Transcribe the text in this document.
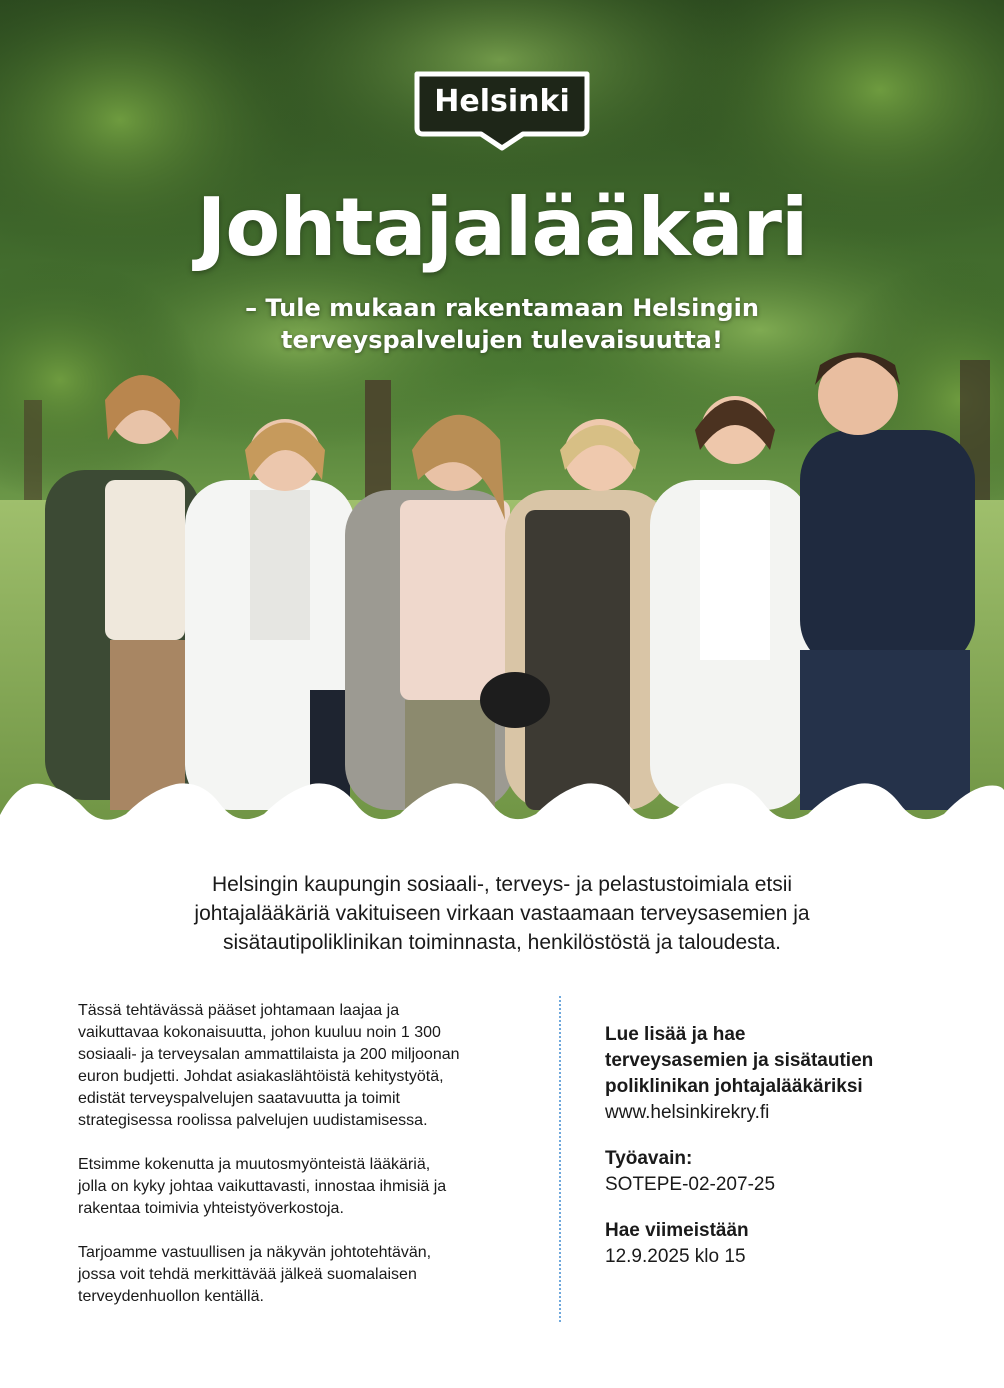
Helsinki
Johtajalääkäri

– Tule mukaan rakentamaan Helsingin
terveyspalvelujen tulevaisuutta!

Helsingin kaupungin sosiaali-, terveys- ja pelastustoimiala etsii
johtajalääkäriä vakituiseen virkaan vastaamaan terveysasemien ja
sisätautipoliklinikan toiminnasta, henkilöstöstä ja taloudesta.

Tässä tehtävässä pääset johtamaan laajaa ja
vaikuttavaa kokonaisuutta, johon kuuluu noin 1 300
sosiaali- ja terveysalan ammattilaista ja 200 miljoonan
euron budjetti. Johdat asiakaslähtöistä kehitystyötä,
edistät terveyspalvelujen saatavuutta ja toimit
strategisessa roolissa palvelujen uudistamisessa.

Etsimme kokenutta ja muutosmyönteistä lääkäriä,
jolla on kyky johtaa vaikuttavasti, innostaa ihmisiä ja
rakentaa toimivia yhteistyöverkostoja.

Tarjoamme vastuullisen ja näkyvän johtotehtävän,
jossa voit tehdä merkittävää jälkeä suomalaisen
terveydenhuollon kentällä.

Lue lisää ja hae
terveysasemien ja sisätautien
poliklinikan johtajalääkäriksi

www.helsinkirekry.fi

Työavain:

SOTEPE-02-207-25

Hae viimeistään

12.9.2025 klo 15
